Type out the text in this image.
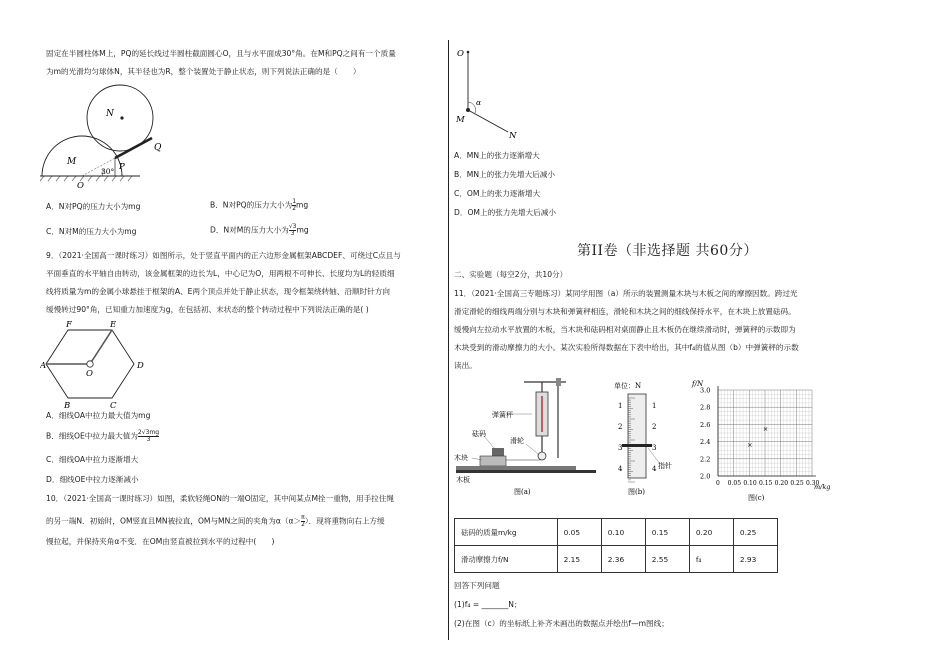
固定在半圆柱体M上，PQ的延长线过半圆柱截面圆心O，且与水平面成30°角。在M和PQ之间有一个质量
为m的光滑均匀球体N，其半径也为R，整个装置处于静止状态，则下列说法正确的是（　　）
N
M
Q
P
O
30°
A．N对PQ的压力大小为mg	B．N对PQ的压力大小为 $\frac{1}{2}$ mg
C．N对M的压力大小为mg	D．N对M的压力大小为 $\frac{√3}{3}$ mg
9．（2021·全国高一课时练习）如图所示，处于竖直平面内的正六边形金属框架ABCDEF、可绕过C点且与
平面垂直的水平轴自由转动，该金属框架的边长为L，中心记为O，用两根不可伸长、长度均为L的轻质细
线将质量为m的金属小球悬挂于框架的A、E两个顶点并处于静止状态，现令框架绕转轴、沿顺时针方向
缓慢转过90°角，已知重力加速度为g，在包括初、末状态的整个转动过程中下列说法正确的是( )
F	E
A	D
O
B	C
A．细线OA中拉力最大值为mg
B．细线OE中拉力最大值为 $\frac{2√3mg}{3}$
C．细线OA中拉力逐渐增大
D．细线OE中拉力逐渐减小
10．（2021·全国高一课时练习）如图，柔软轻绳ON的一端O固定，其中间某点M拴一重物，用手拉住绳
的另一端N．初始时，OM竖直且MN被拉直，OM与MN之间的夹角为$\alpha(\alpha> \frac{\pi}{2}$ ）．现将重物向右上方缓
慢拉起，并保持夹角α不变．在OM由竖直被拉到水平的过程中(　　)
O
M
N
α
A．MN上的张力逐渐增大
B．MN上的张力先增大后减小
C．OM上的张力逐渐增大
D．OM上的张力先增大后减小
第II卷（非选择题 共60分）
二、实验题（每空2分，共10分）
11．（2021·全国高三专题练习）某同学用图（a）所示的装置测量木块与木板之间的摩擦因数。跨过光
滑定滑轮的细线两端分别与木块和弹簧秤相连，滑轮和木块之间的细线保持水平，在木块上放置砝码。
缓慢向左拉动水平放置的木板，当木块和砝码相对桌面静止且木板仍在继续滑动时，弹簧秤的示数即为
木块受到的滑动摩擦力的大小。某次实验所得数据在下表中给出，其中f₄的值从图（b）中弹簧秤的示数
读出。
弹簧秤
砝码
滑轮
木块
木板
图(a)
单位：N
1	1
2	2
3	3
4	4 指针
图(b)
f/N
m/kg
3.0
2.8
2.6
2.4
2.2
2.0
0 0.05 0.10 0.15 0.20 0.25 0.30
×
×
图(c)
砝码的质量m/kg	0.05	0.10	0.15	0.20	0.25
滑动摩擦力f/N	2.15	2.36	2.55	f₄	2.93
回答下列问题
(1)f₄ = _______N；
(2)在图（c）的坐标纸上补齐未画出的数据点并绘出f—m图线；
